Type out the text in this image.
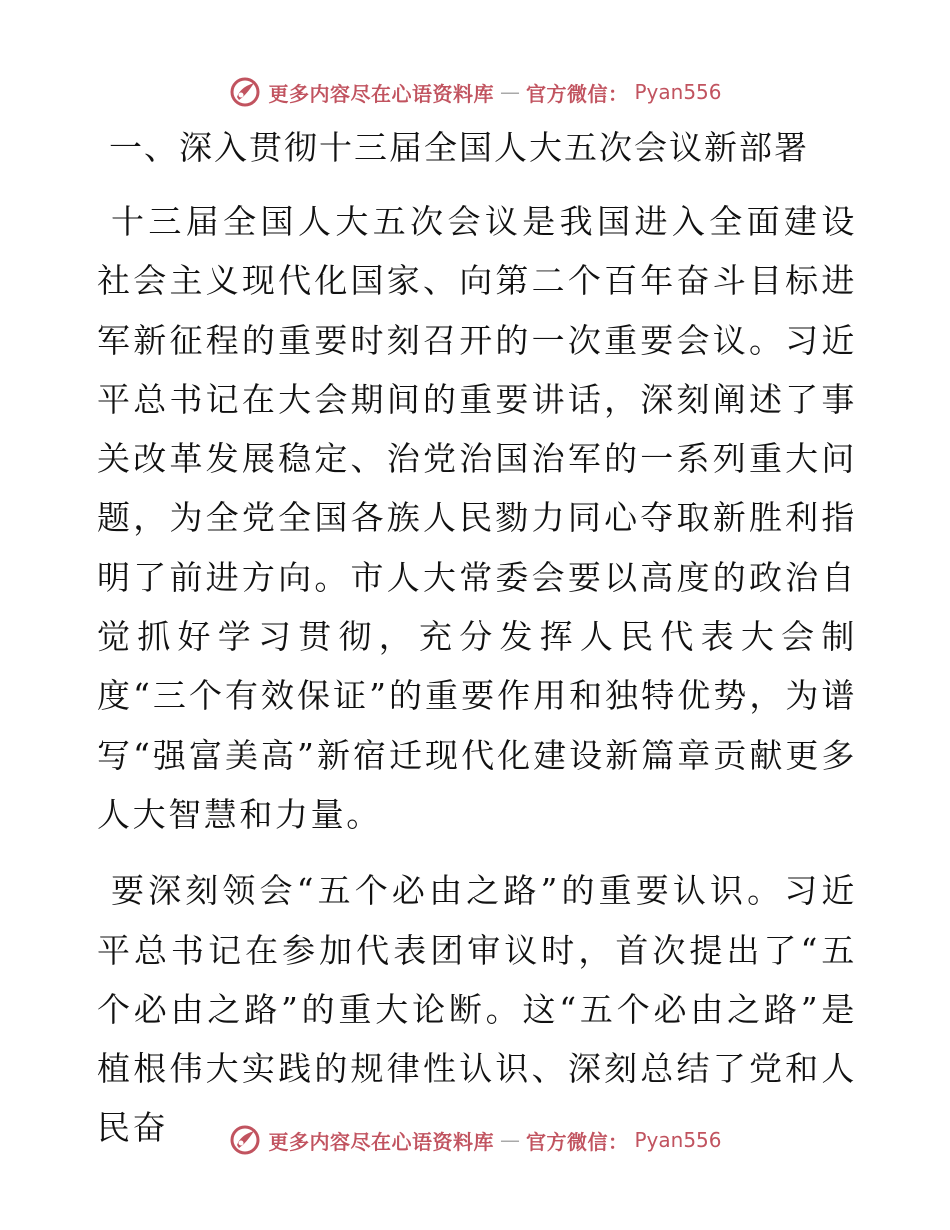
更多内容尽在心语资料库 — 官方微信： Pyan556
一、深入贯彻十三届全国人大五次会议新部署

十三届全国人大五次会议是我国进入全面建设社会主义现代化国家、向第二个百年奋斗目标进军新征程的重要时刻召开的一次重要会议。习近平总书记在大会期间的重要讲话，深刻阐述了事关改革发展稳定、治党治国治军的一系列重大问题，为全党全国各族人民勠力同心夺取新胜利指明了前进方向。市人大常委会要以高度的政治自觉抓好学习贯彻，充分发挥人民代表大会制度“三个有效保证”的重要作用和独特优势，为谱写“强富美高”新宿迁现代化建设新篇章贡献更多人大智慧和力量。

要深刻领会“五个必由之路”的重要认识。习近平总书记在参加代表团审议时，首次提出了“五个必由之路”的重大论断。这“五个必由之路”是植根伟大实践的规律性认识、深刻总结了党和人民奋	更多内容尽在心语资料库 — 官方微信： Pyan556
